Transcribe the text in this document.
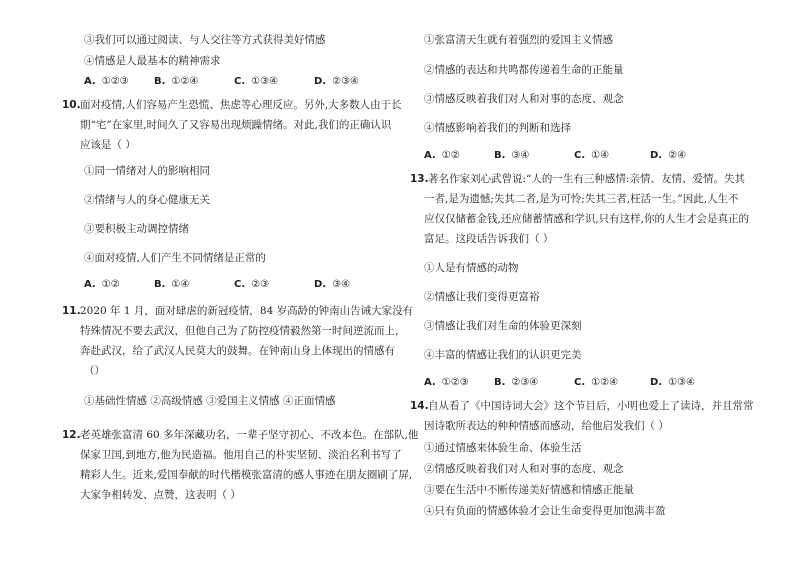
③我们可以通过阅读、与人交往等方式获得美好情感
④情感是人最基本的精神需求
A. ①②③	B. ①②④	C. ①③④	D. ②③④
10. 面对疫情,人们容易产生恐慌、焦虑等心理反应。另外,大多数人由于长
期“宅”在家里,时间久了又容易出现烦躁情绪。对此,我们的正确认识
应该是（ ）
①同一情绪对人的影响相同
②情绪与人的身心健康无关
③要积极主动调控情绪
④面对疫情,人们产生不同情绪是正常的
A. ①②	B. ①④	C. ②③	D. ③④
11. 2020 年 1 月，面对肆虐的新冠疫情，84 岁高龄的钟南山告诫大家没有
特殊情况不要去武汉，但他自己为了防控疫情毅然第一时间逆流而上，
奔赴武汉，给了武汉人民莫大的鼓舞。在钟南山身上体现出的情感有
（）
①基础性情感 ②高级情感 ③爱国主义情感 ④正面情感
12. 老英雄张富清 60 多年深藏功名，一辈子坚守初心、不改本色。在部队,他
保家卫国,到地方,他为民造福。他用自己的朴实坚韧、淡泊名利书写了
精彩人生。近来,爱国奉献的时代楷模张富清的感人事迹在朋友圈刷了屏,
大家争相转发、点赞，这表明（ ）
①张富清天生就有着强烈的爱国主义情感
②情感的表达和共鸣都传递着生命的正能量
③情感反映着我们对人和对事的态度、观念
④情感影响着我们的判断和选择
A. ①②	B. ③④	C. ①④	D. ②④
13. 著名作家刘心武曾说:“人的一生有三种感情:亲情、友情、爱情。失其
一者,是为遗憾;失其二者,是为可怜;失其三者,枉活一生。”因此,人生不
应仅仅储蓄金钱,还应储蓄情感和学识,只有这样,你的人生才会是真正的
富足。这段话告诉我们（ ）
①人是有情感的动物
②情感让我们变得更富裕
③情感让我们对生命的体验更深刻
④丰富的情感让我们的认识更完美
A. ①②③	B. ②③④	C. ①②④	D. ①③④
14. 自从看了《中国诗词大会》这个节目后，小明也爱上了读诗，并且常常
因诗歌所表达的种种情感而感动，给他启发我们（ ）
①通过情感来体验生命、体验生活
②情感反映着我们对人和对事的态度、观念
③要在生活中不断传递美好情感和情感正能量
④只有负面的情感体验才会让生命变得更加饱满丰盈
